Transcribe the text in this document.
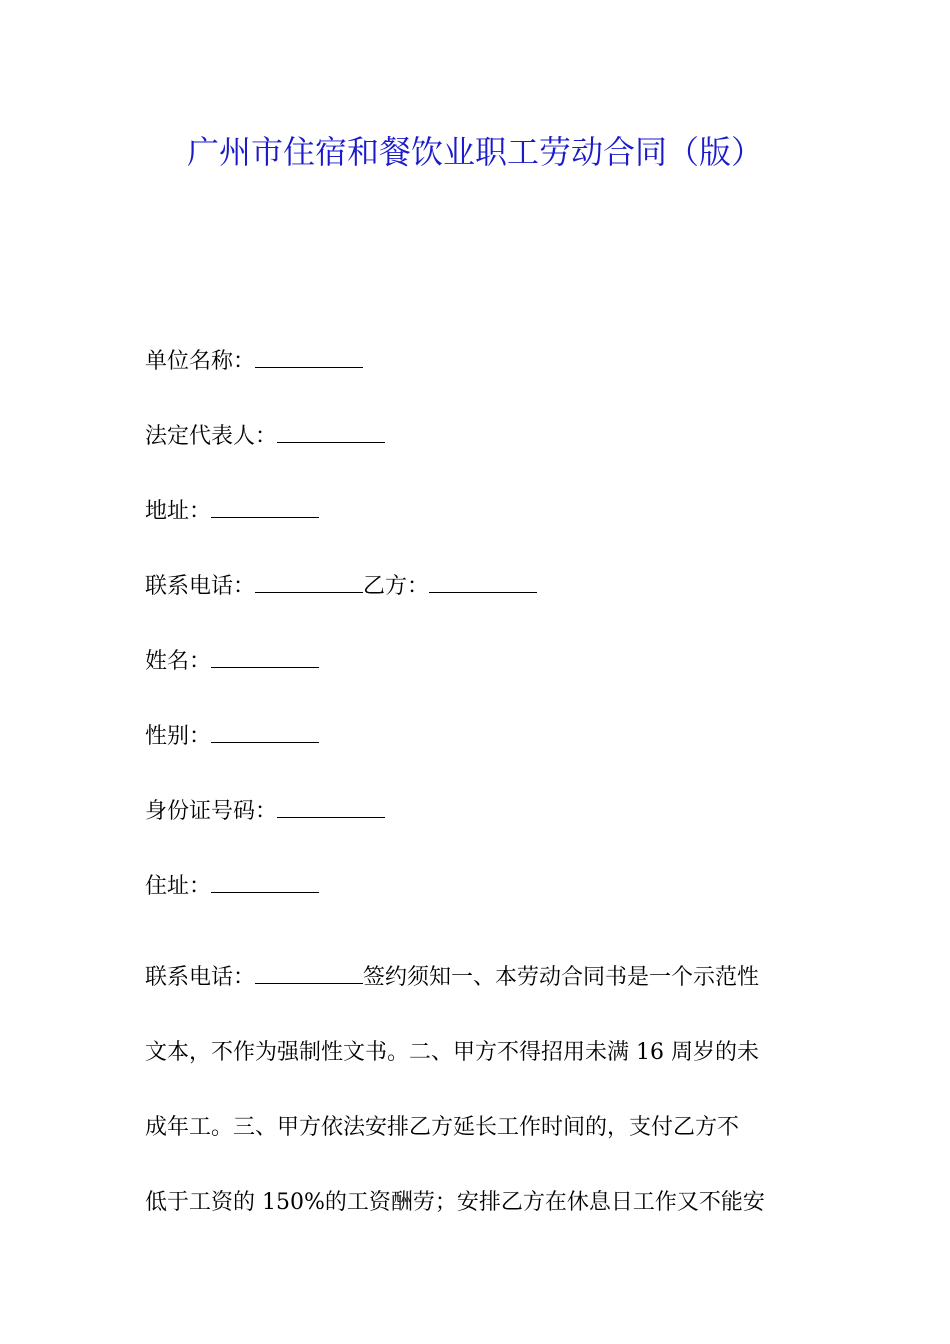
广州市住宿和餐饮业职工劳动合同（版）
单位名称：
法定代表人：
地址：
联系电话：	乙方：
姓名：
性别：
身份证号码：
住址：
联系电话：	签约须知一、本劳动合同书是一个示范性
文本，不作为强制性文书。二、甲方不得招用未满 16 周岁的未
成年工。三、甲方依法安排乙方延长工作时间的，支付乙方不
低于工资的 150%的工资酬劳；安排乙方在休息日工作又不能安
